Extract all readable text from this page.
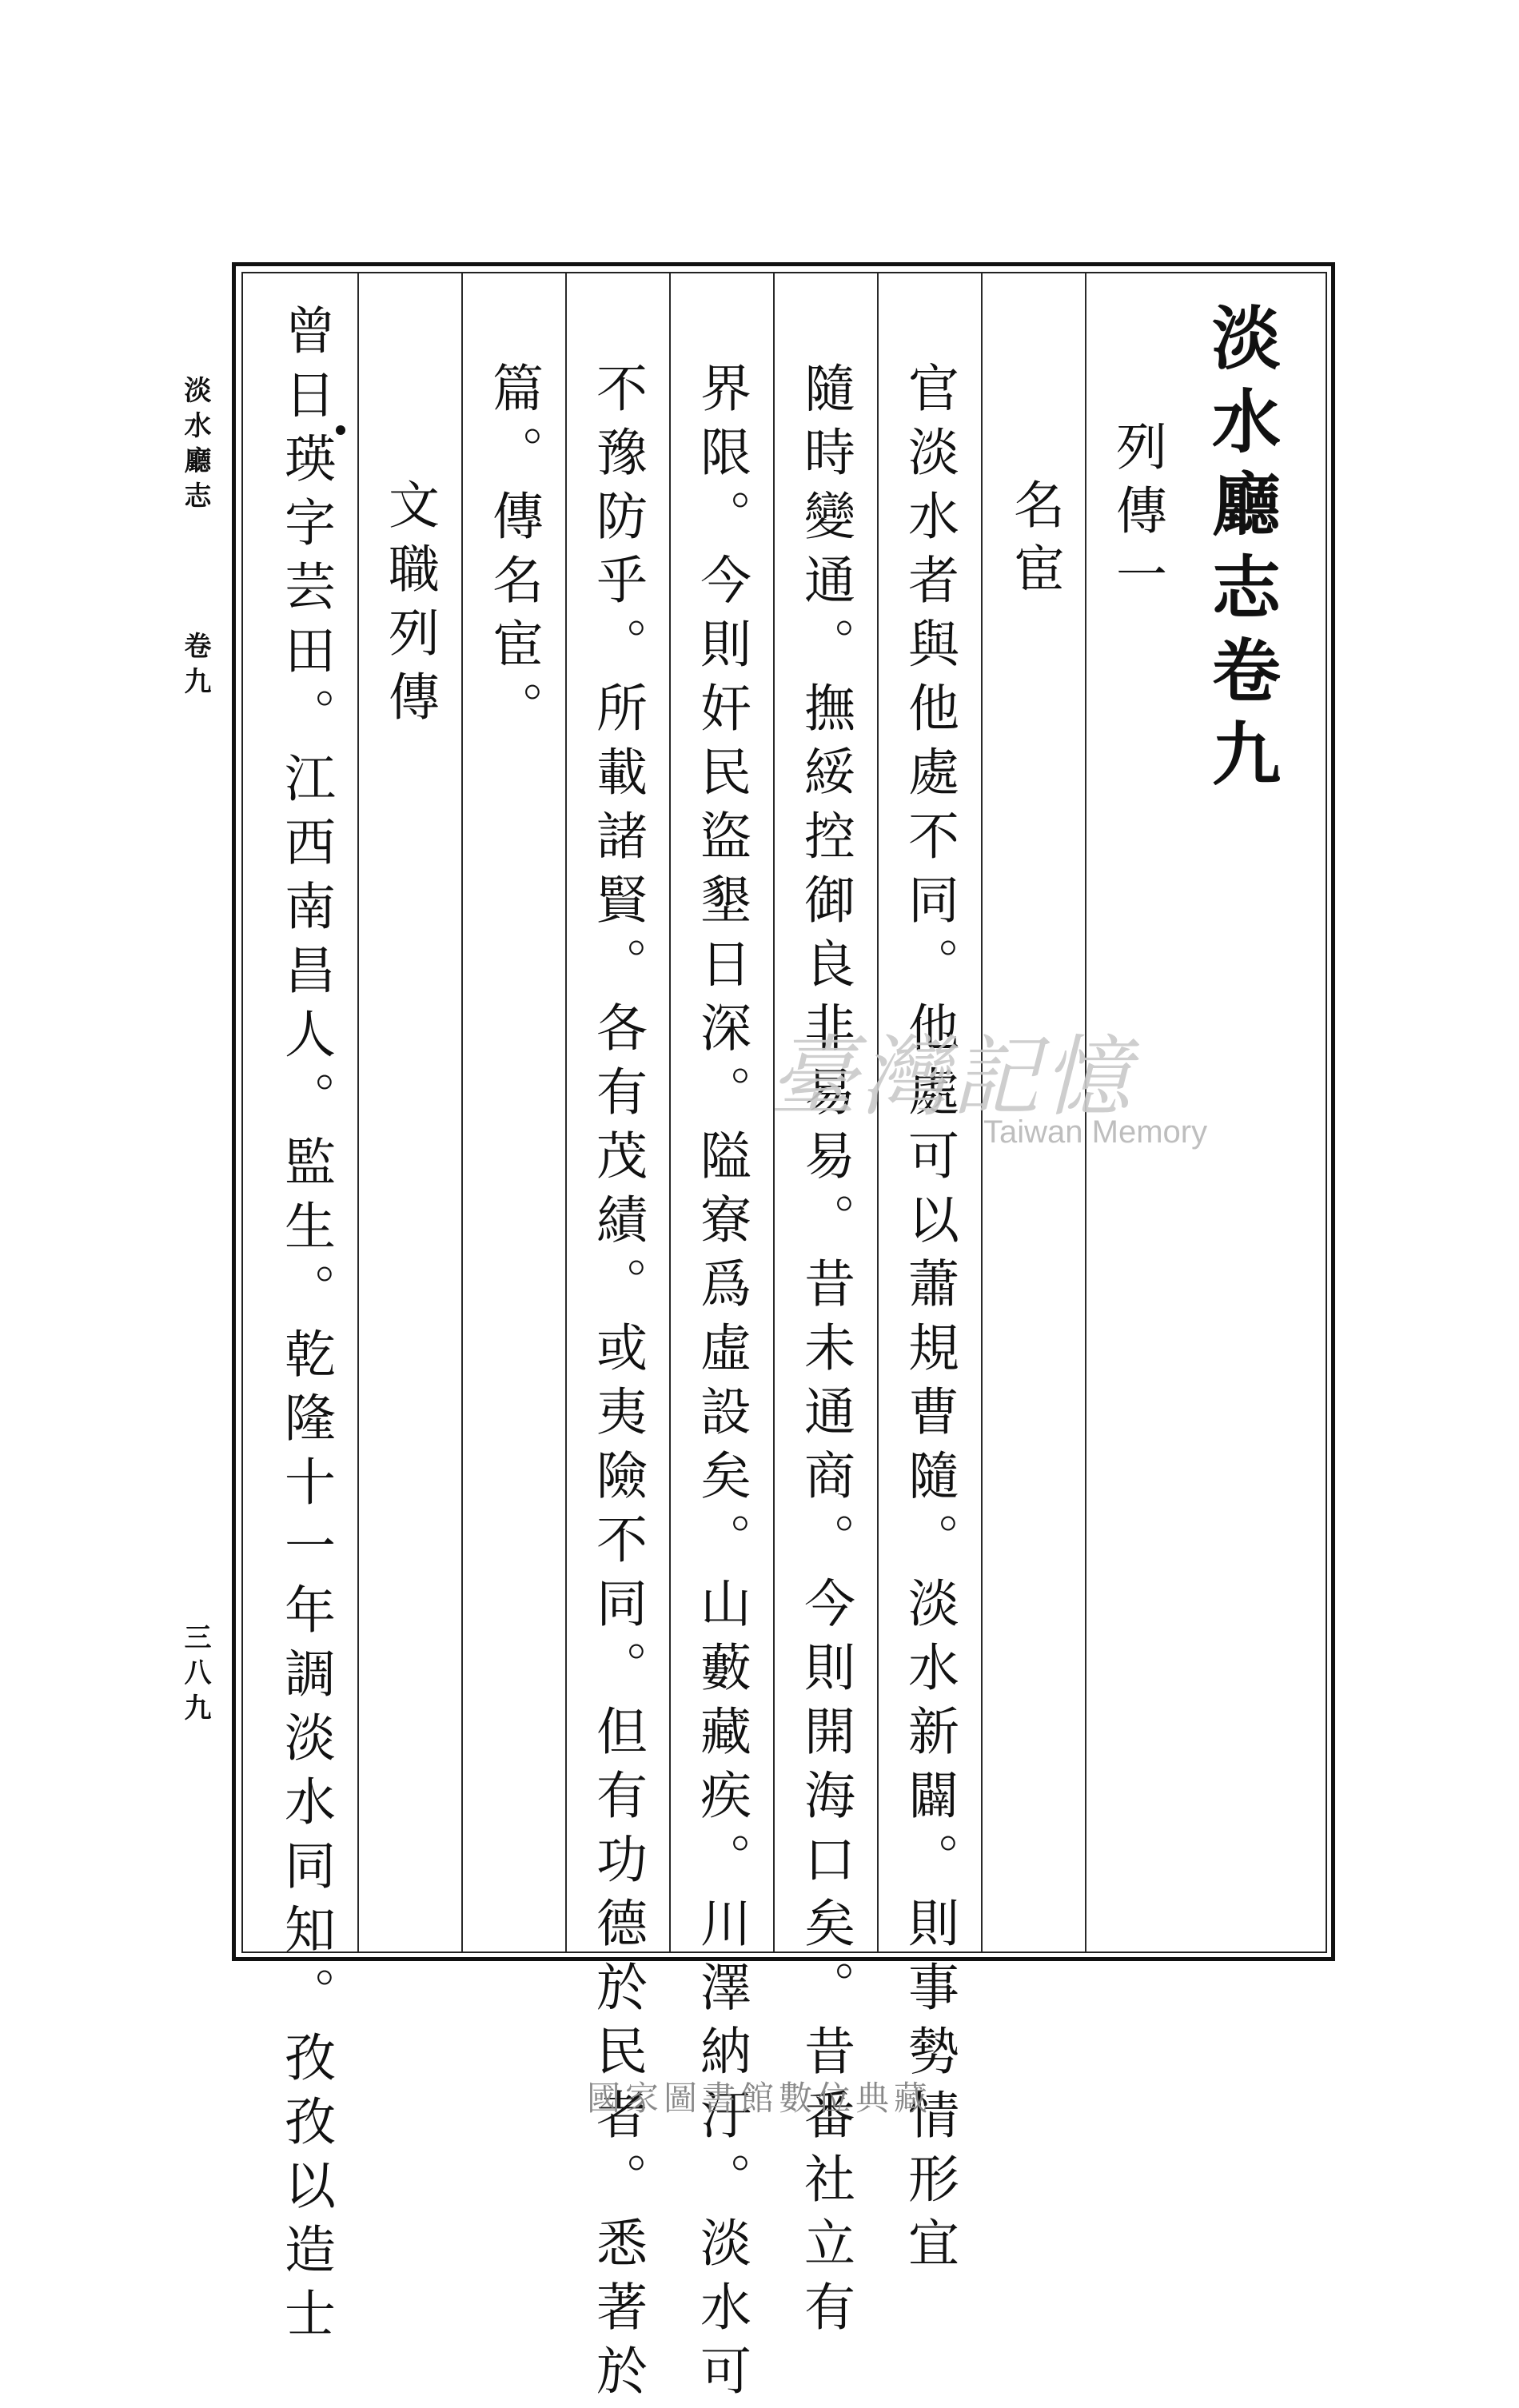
淡水廳志卷九
列傳一
名宦
官淡水者與他處不同。他處可以蕭規曹隨。淡水新闢。則事勢情形宜
隨時變通。撫綏控御良非易易。昔未通商。今則開海口矣。昔番社立有
界限。今則奸民盜墾日深。隘寮爲虛設矣。山藪藏疾。川澤納汙。淡水可
不豫防乎。所載諸賢。各有茂績。或夷險不同。但有功德於民者。悉著於
篇。傳名宦。
文職列傳
曾日瑛字芸田。江西南昌人。監生。乾隆十一年調淡水同知。孜孜以造士
淡水廳志
卷九
三八九
臺灣記憶
Taiwan Memory
國家圖書館數位典藏
